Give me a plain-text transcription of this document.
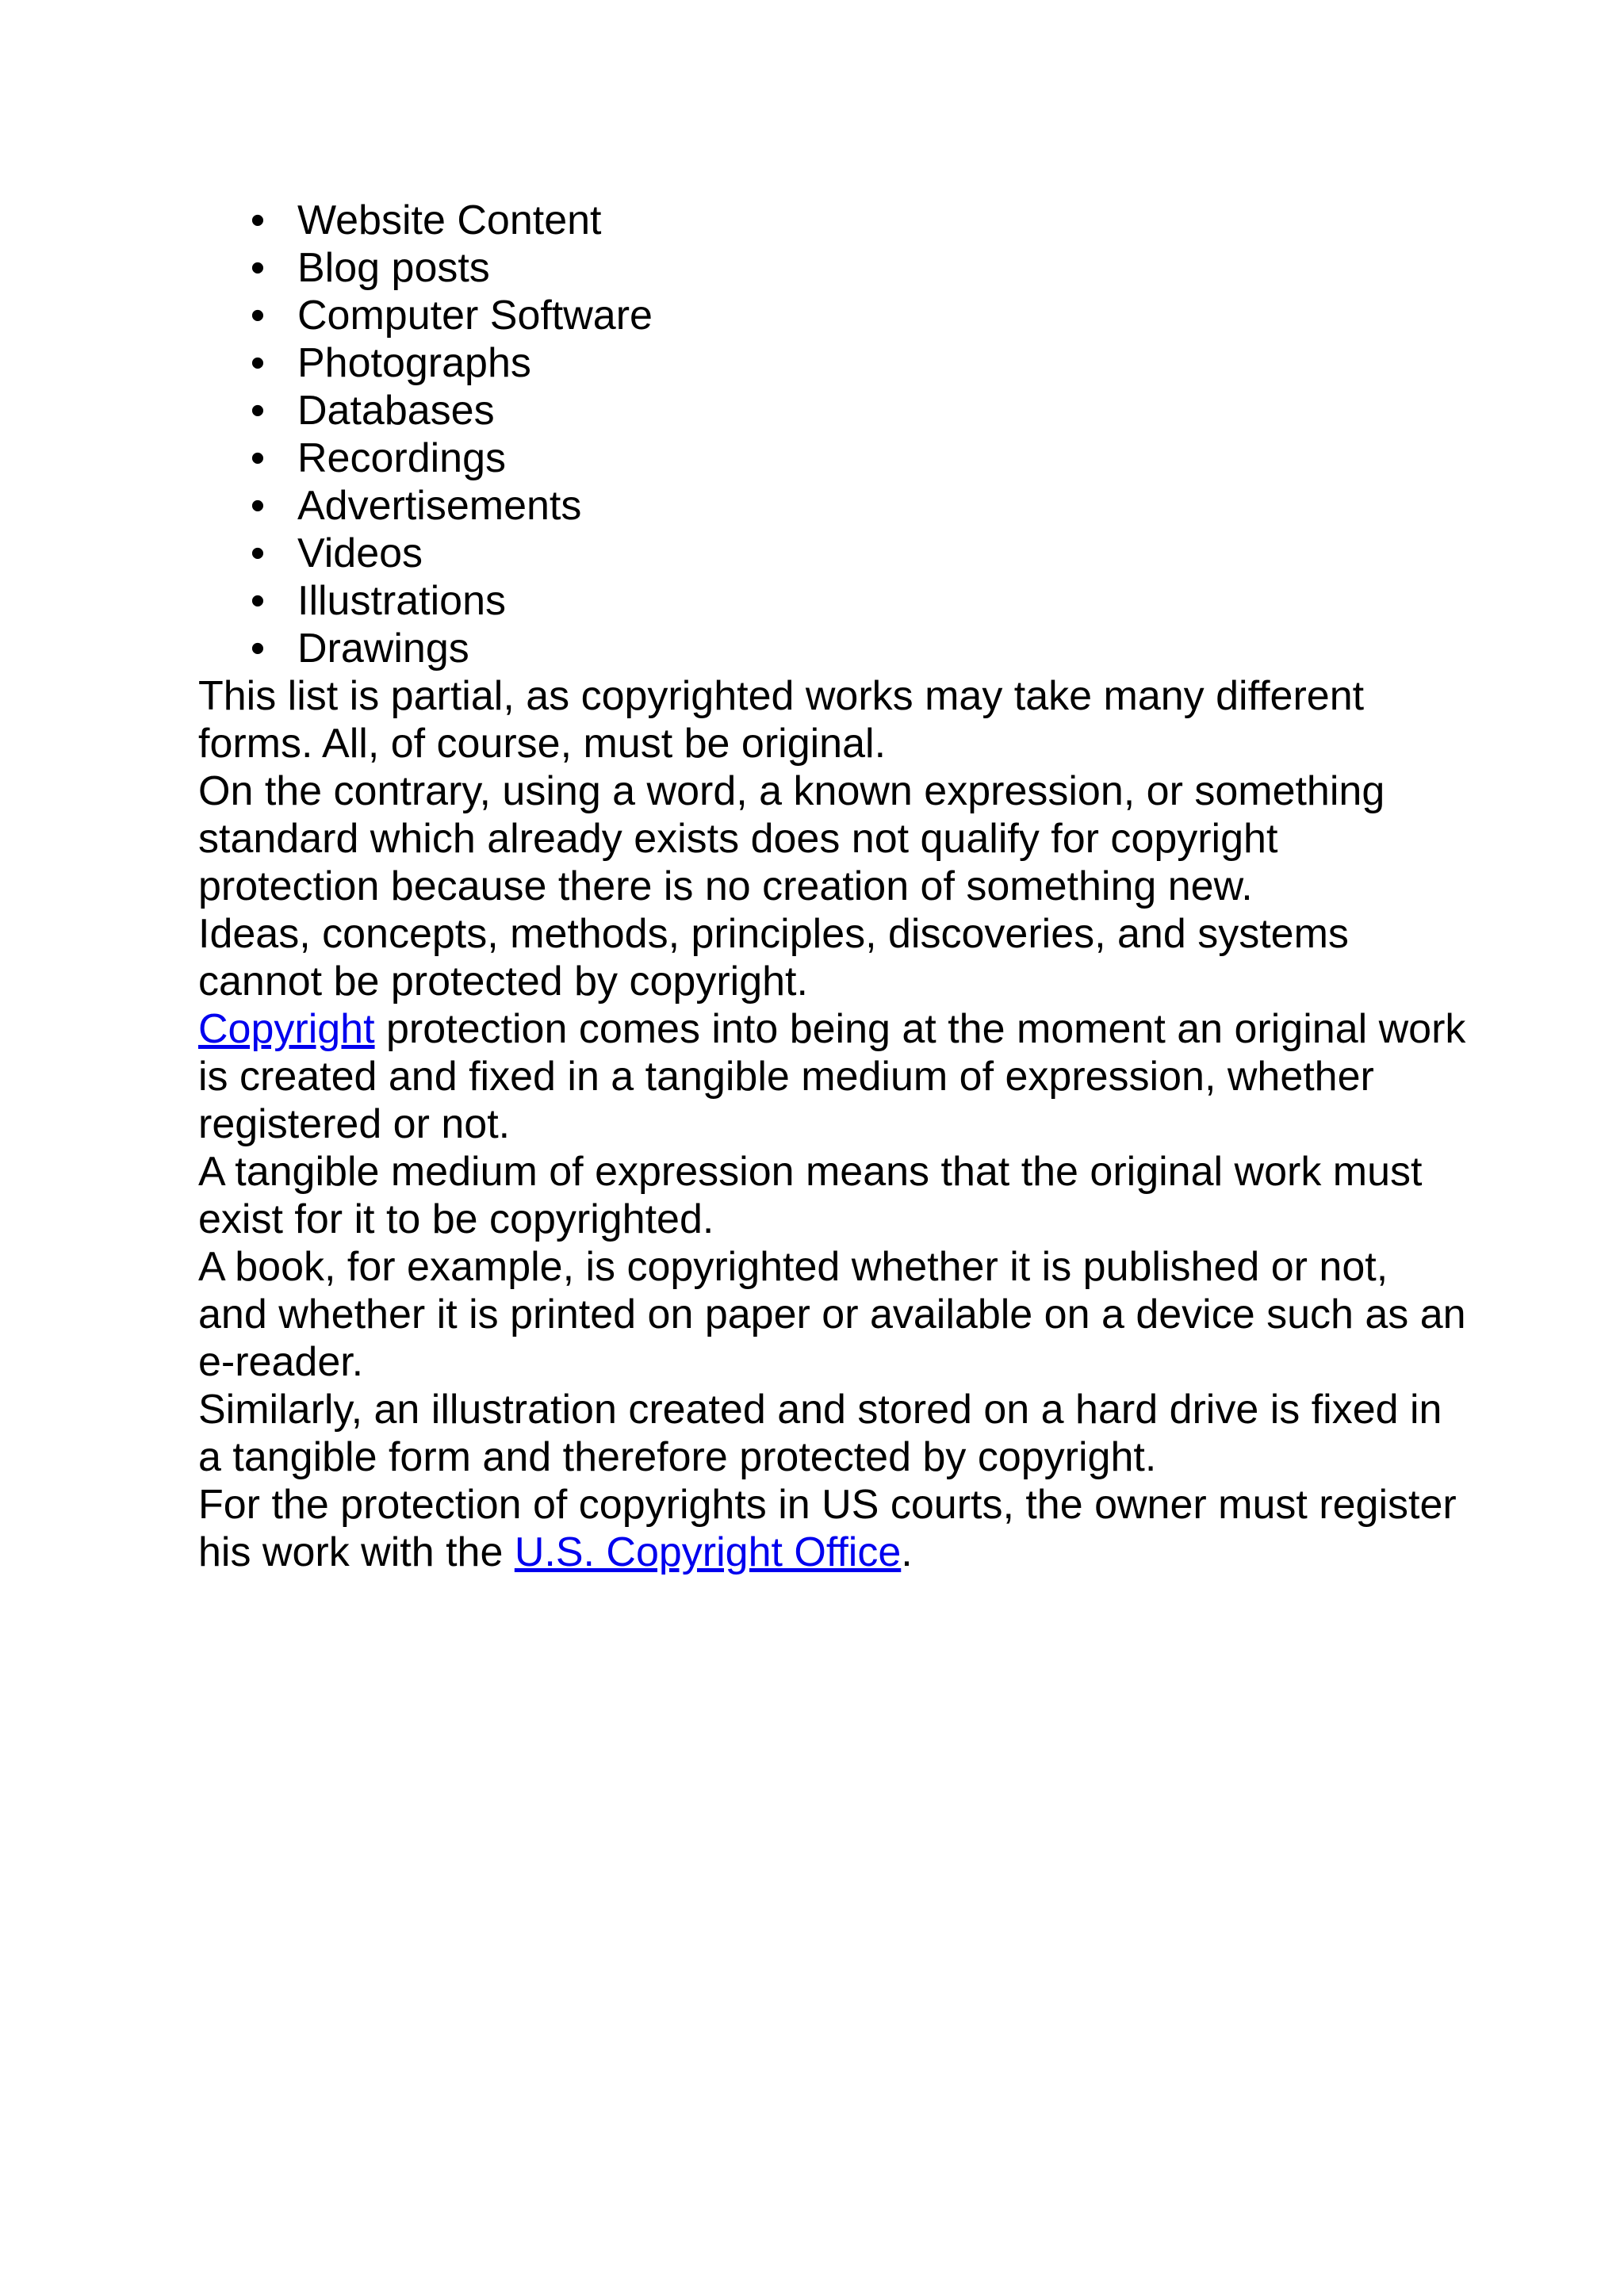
• Website Content
• Blog posts
• Computer Software
• Photographs
• Databases
• Recordings
• Advertisements
• Videos
• Illustrations
• Drawings

This list is partial, as copyrighted works may take many different forms. All, of course, must be original.

On the contrary, using a word, a known expression, or something standard which already exists does not qualify for copyright protection because there is no creation of something new.

Ideas, concepts, methods, principles, discoveries, and systems cannot be protected by copyright.

Copyright protection comes into being at the moment an original work is created and fixed in a tangible medium of expression, whether registered or not.

A tangible medium of expression means that the original work must exist for it to be copyrighted.

A book, for example, is copyrighted whether it is published or not, and whether it is printed on paper or available on a device such as an e-reader.

Similarly, an illustration created and stored on a hard drive is fixed in a tangible form and therefore protected by copyright.

For the protection of copyrights in US courts, the owner must register his work with the U.S. Copyright Office.
